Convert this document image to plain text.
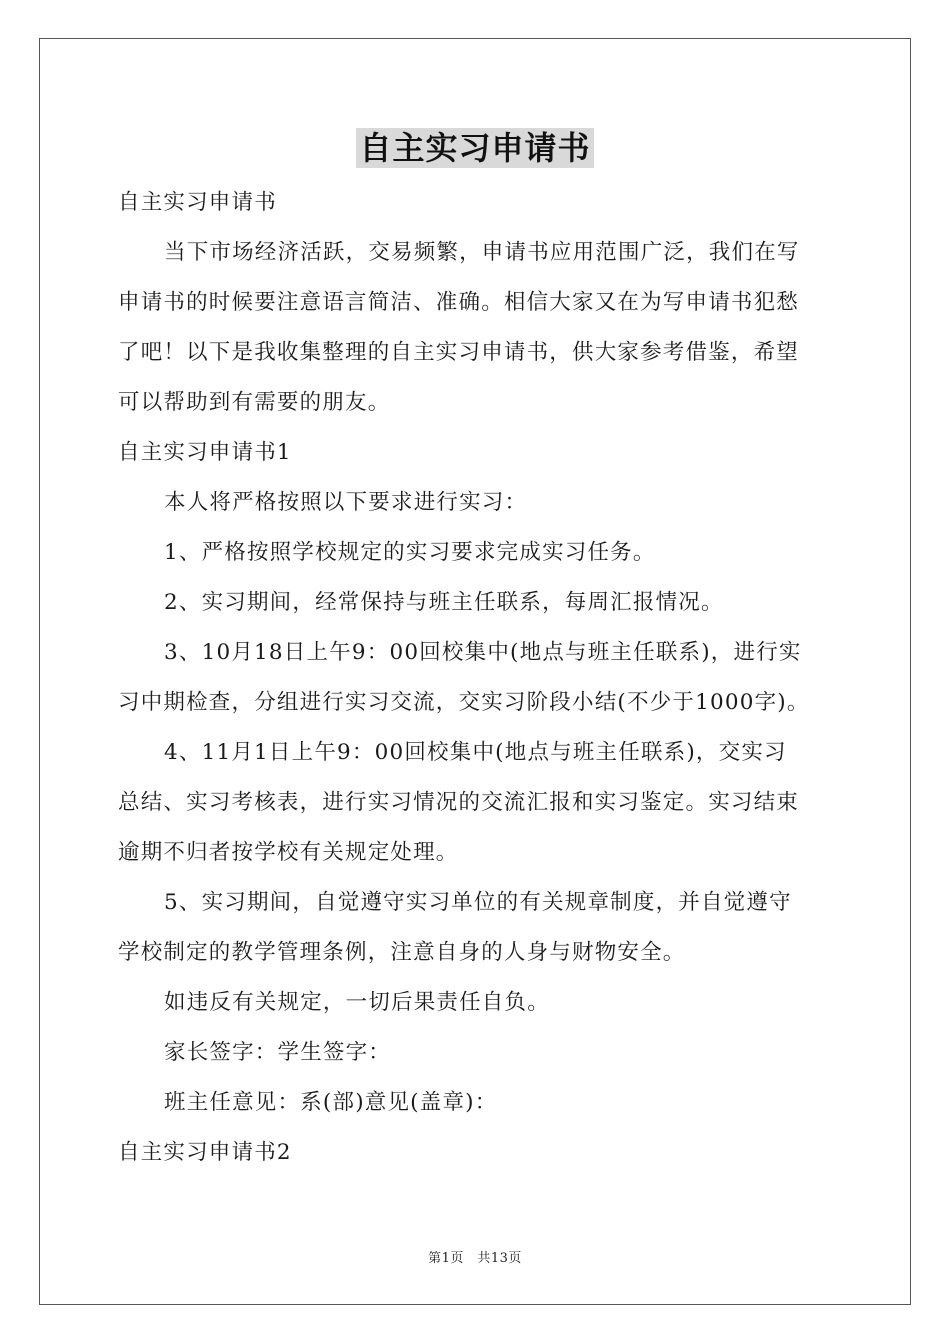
自主实习申请书

自主实习申请书

当下市场经济活跃，交易频繁，申请书应用范围广泛，我们在写

申请书的时候要注意语言简洁、准确。相信大家又在为写申请书犯愁

了吧！以下是我收集整理的自主实习申请书，供大家参考借鉴，希望

可以帮助到有需要的朋友。

自主实习申请书1

本人将严格按照以下要求进行实习：

1、严格按照学校规定的实习要求完成实习任务。

2、实习期间，经常保持与班主任联系，每周汇报情况。

3、10月18日上午9：00回校集中(地点与班主任联系)，进行实

习中期检查，分组进行实习交流，交实习阶段小结(不少于1000字)。

4、11月1日上午9：00回校集中(地点与班主任联系)，交实习

总结、实习考核表，进行实习情况的交流汇报和实习鉴定。实习结束

逾期不归者按学校有关规定处理。

5、实习期间，自觉遵守实习单位的有关规章制度，并自觉遵守

学校制定的教学管理条例，注意自身的人身与财物安全。

如违反有关规定，一切后果责任自负。

家长签字：学生签字：

班主任意见：系(部)意见(盖章)：

自主实习申请书2

第1页　共13页
